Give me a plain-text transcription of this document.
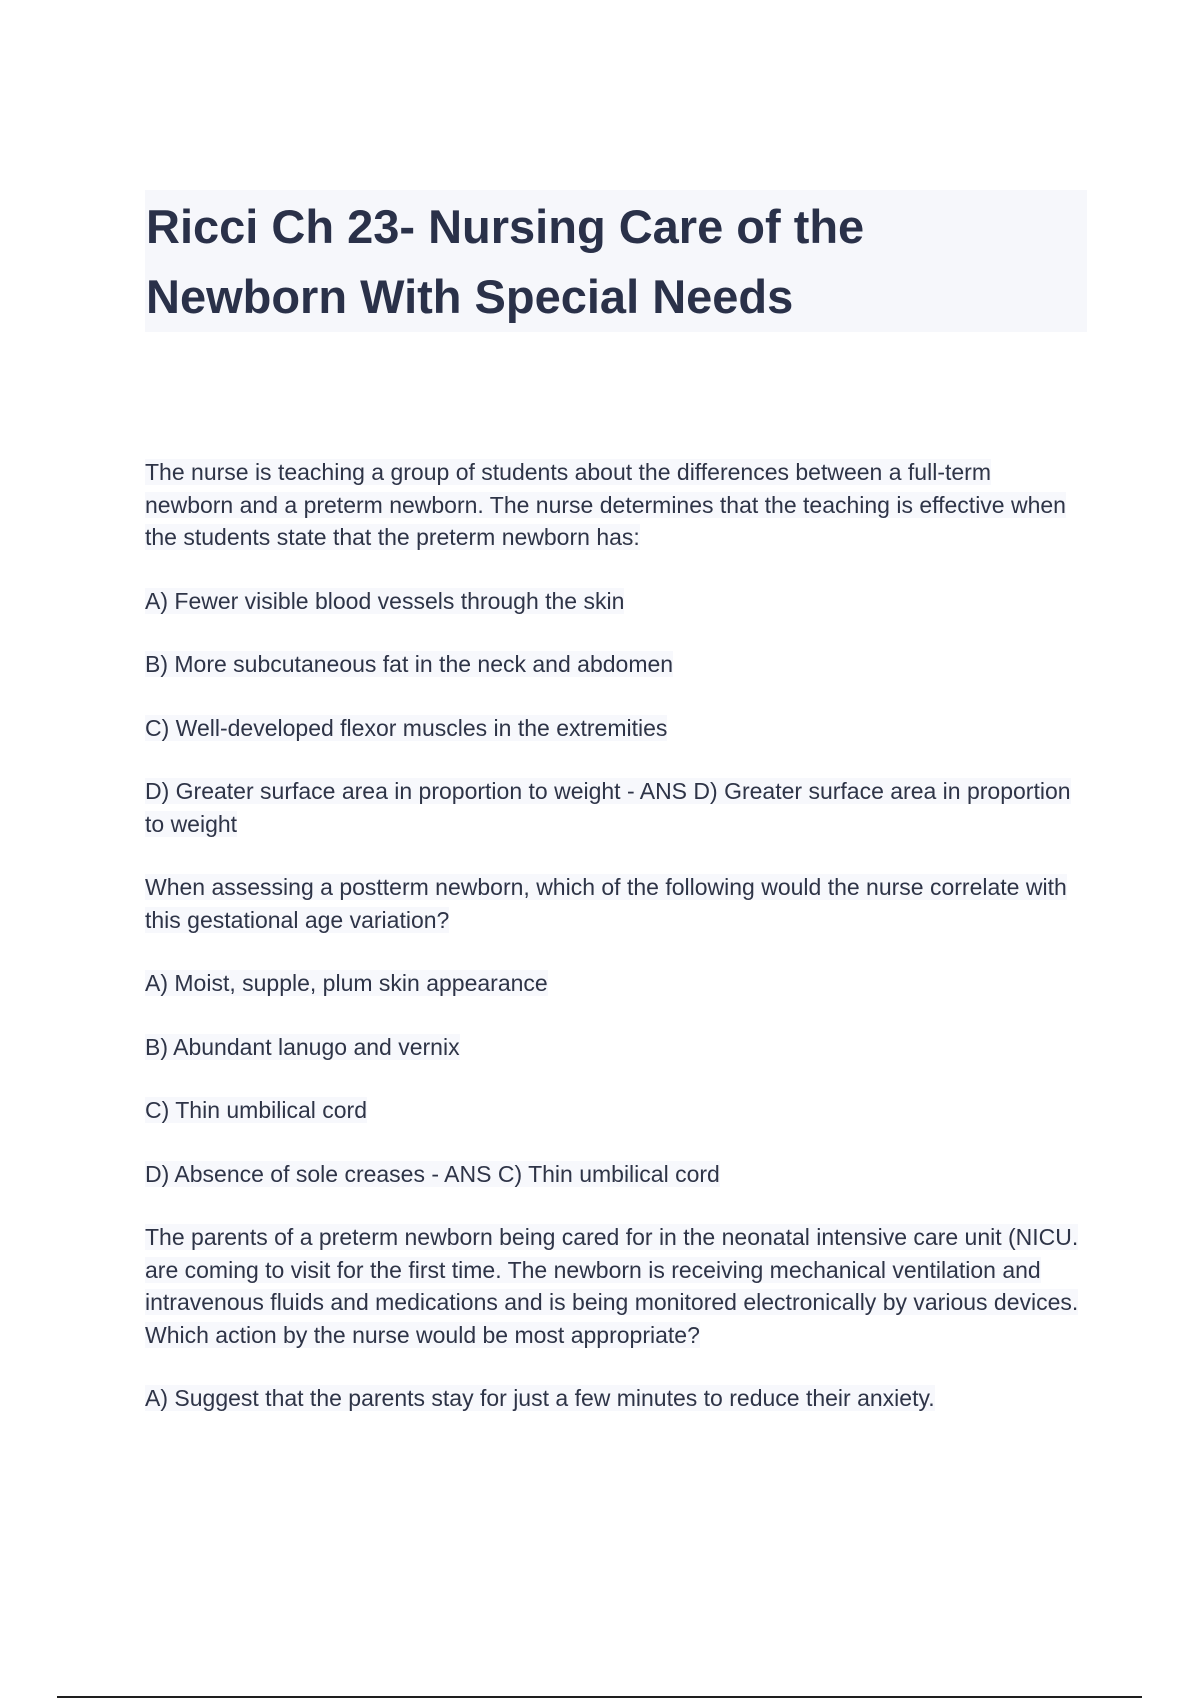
Ricci Ch 23- Nursing Care of the Newborn With Special Needs

The nurse is teaching a group of students about the differences between a full-term newborn and a preterm newborn. The nurse determines that the teaching is effective when the students state that the preterm newborn has:

A) Fewer visible blood vessels through the skin

B) More subcutaneous fat in the neck and abdomen

C) Well-developed flexor muscles in the extremities

D) Greater surface area in proportion to weight - ANS D) Greater surface area in proportion to weight

When assessing a postterm newborn, which of the following would the nurse correlate with this gestational age variation?

A) Moist, supple, plum skin appearance

B) Abundant lanugo and vernix

C) Thin umbilical cord

D) Absence of sole creases - ANS C) Thin umbilical cord

The parents of a preterm newborn being cared for in the neonatal intensive care unit (NICU. are coming to visit for the first time. The newborn is receiving mechanical ventilation and intravenous fluids and medications and is being monitored electronically by various devices. Which action by the nurse would be most appropriate?

A) Suggest that the parents stay for just a few minutes to reduce their anxiety.
